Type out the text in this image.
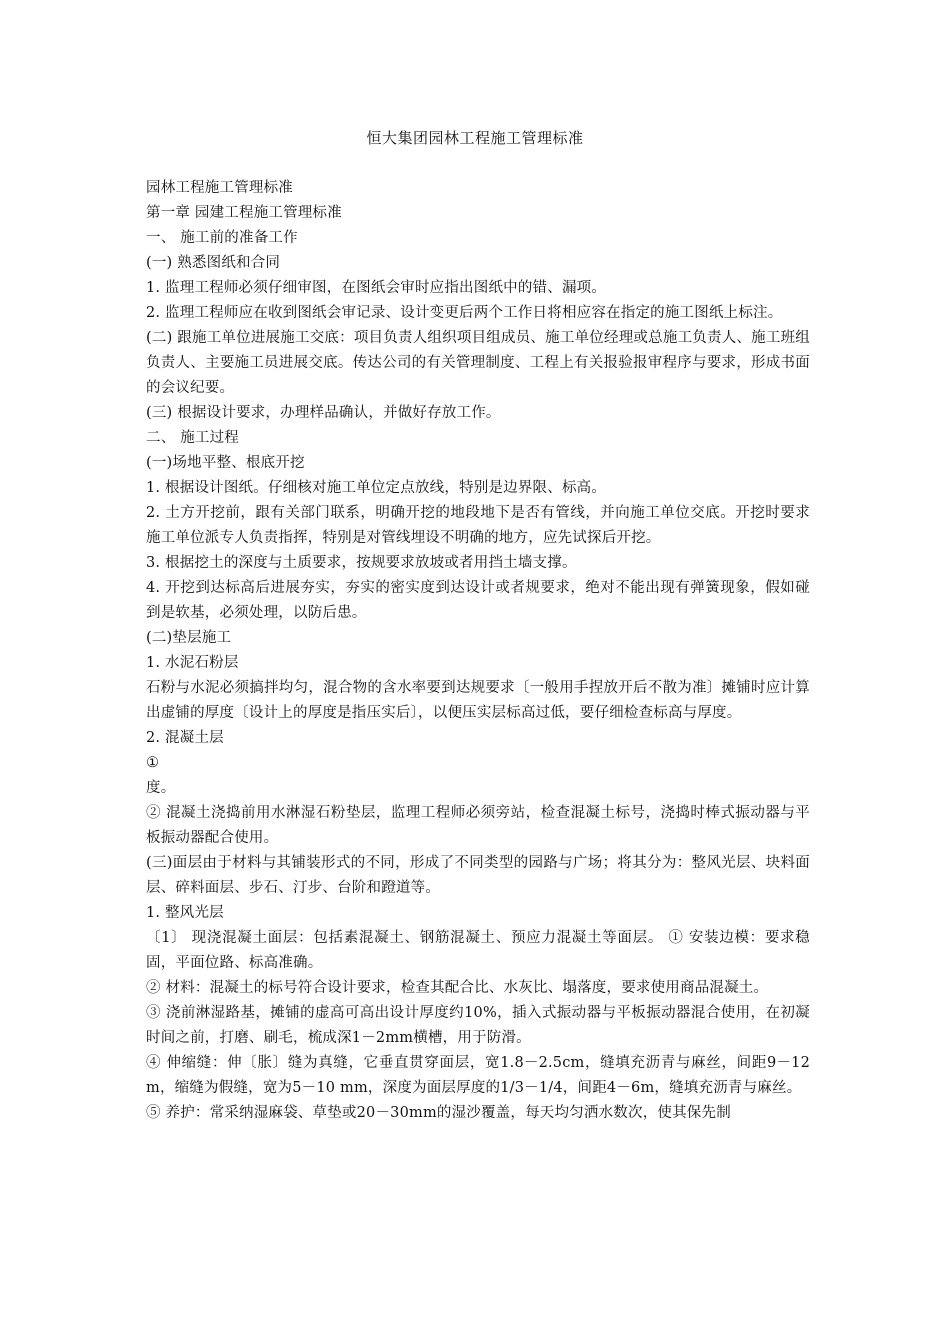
恒大集团园林工程施工管理标准

园林工程施工管理标准

第一章 园建工程施工管理标准

一、 施工前的准备工作

(一) 熟悉图纸和合同

1. 监理工程师必须仔细审图，在图纸会审时应指出图纸中的错、漏项。

2. 监理工程师应在收到图纸会审记录、设计变更后两个工作日将相应容在指定的施工图纸上标注。

(二) 跟施工单位进展施工交底：项目负责人组织项目组成员、施工单位经理或总施工负责人、施工班组负责人、主要施工员进展交底。传达公司的有关管理制度、工程上有关报验报审程序与要求，形成书面的会议纪要。

(三) 根据设计要求，办理样品确认，并做好存放工作。

二、 施工过程

(一)场地平整、根底开挖

1. 根据设计图纸。仔细核对施工单位定点放线，特别是边界限、标高。

2. 土方开挖前，跟有关部门联系，明确开挖的地段地下是否有管线，并向施工单位交底。开挖时要求施工单位派专人负责指挥，特别是对管线埋设不明确的地方，应先试探后开挖。

3. 根据挖土的深度与土质要求，按规要求放坡或者用挡土墙支撑。

4. 开挖到达标高后进展夯实，夯实的密实度到达设计或者规要求，绝对不能出现有弹簧现象，假如碰到是软基，必须处理，以防后患。

(二)垫层施工

1. 水泥石粉层

石粉与水泥必须搞拌均匀，混合物的含水率要到达规要求〔一般用手捏放开后不散为准〕摊铺时应计算出虚铺的厚度〔设计上的厚度是指压实后〕，以便压实层标高过低，要仔细检查标高与厚度。

2. 混凝土层

①

度。

② 混凝土浇捣前用水淋湿石粉垫层，监理工程师必须旁站，检查混凝土标号，浇捣时棒式振动器与平板振动器配合使用。

(三)面层由于材料与其铺装形式的不同，形成了不同类型的园路与广场；将其分为：整风光层、块料面层、碎料面层、步石、汀步、台阶和蹬道等。

1. 整风光层

〔1〕 现浇混凝土面层：包括素混凝土、钢筋混凝土、预应力混凝土等面层。 ① 安装边模：要求稳固，平面位路、标高准确。

② 材料：混凝土的标号符合设计要求，检查其配合比、水灰比、塌落度，要求使用商品混凝土。

③ 浇前淋湿路基，摊铺的虚高可高出设计厚度约10%，插入式振动器与平板振动器混合使用，在初凝时间之前，打磨、刷毛，梳成深1－2mm横槽，用于防滑。

④ 伸缩缝：伸〔胀〕缝为真缝，它垂直贯穿面层，宽1.8－2.5cm，缝填充沥青与麻丝，间距9－12m，缩缝为假缝，宽为5－10 mm，深度为面层厚度的1/3－1/4，间距4－6m，缝填充沥青与麻丝。

⑤ 养护：常采纳湿麻袋、草垫或20－30mm的湿沙覆盖，每天均匀洒水数次，使其保先制
